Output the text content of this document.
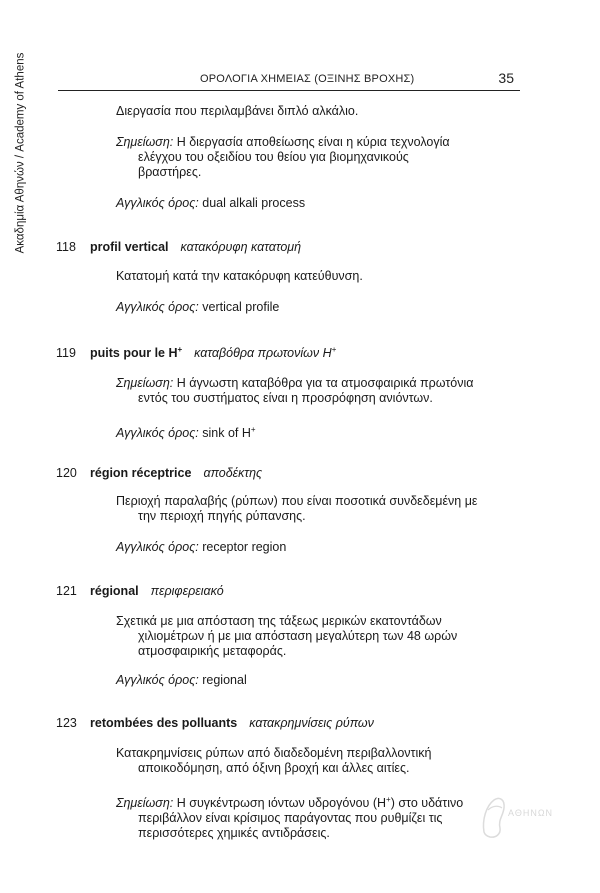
Ακαδημία Αθηνών / Academy of Athens	ΟΡΟΛΟΓΙΑ ΧΗΜΕΙΑΣ (ΟΞΙΝΗΣ ΒΡΟΧΗΣ)	35
Διεργασία που περιλαμβάνει διπλό αλκάλιο.
Σημείωση: Η διεργασία αποθείωσης είναι η κύρια τεχνολογία
ελέγχου του οξειδίου του θείου για βιομηχανικούς
βραστήρες.
Αγγλικός όρος: dual alkali process
118 profil vertical κατακόρυφη κατατομή
Κατατομή κατά την κατακόρυφη κατεύθυνση.
Αγγλικός όρος: vertical profile
119 puits pour le H+ καταβόθρα πρωτονίων Η+
Σημείωση: Η άγνωστη καταβόθρα για τα ατμοσφαιρικά πρωτόνια
εντός του συστήματος είναι η προσρόφηση ανιόντων.
Αγγλικός όρος: sink of H+
120 région réceptrice αποδέκτης
Περιοχή παραλαβής (ρύπων) που είναι ποσοτικά συνδεδεμένη με
την περιοχή πηγής ρύπανσης.
Αγγλικός όρος: receptor region
121 régional περιφερειακό
Σχετικά με μια απόσταση της τάξεως μερικών εκατοντάδων
χιλιομέτρων ή με μια απόσταση μεγαλύτερη των 48 ωρών
ατμοσφαιρικής μεταφοράς.
Αγγλικός όρος: regional
123 retombées des polluants κατακρημνίσεις ρύπων
Κατακρημνίσεις ρύπων από διαδεδομένη περιβαλλοντική
αποικοδόμηση, από όξινη βροχή και άλλες αιτίες.
Σημείωση: Η συγκέντρωση ιόντων υδρογόνου (Η+) στο υδάτινο
περιβάλλον είναι κρίσιμος παράγοντας που ρυθμίζει τις
περισσότερες χημικές αντιδράσεις.
ΑΘΗΝΩΝ
